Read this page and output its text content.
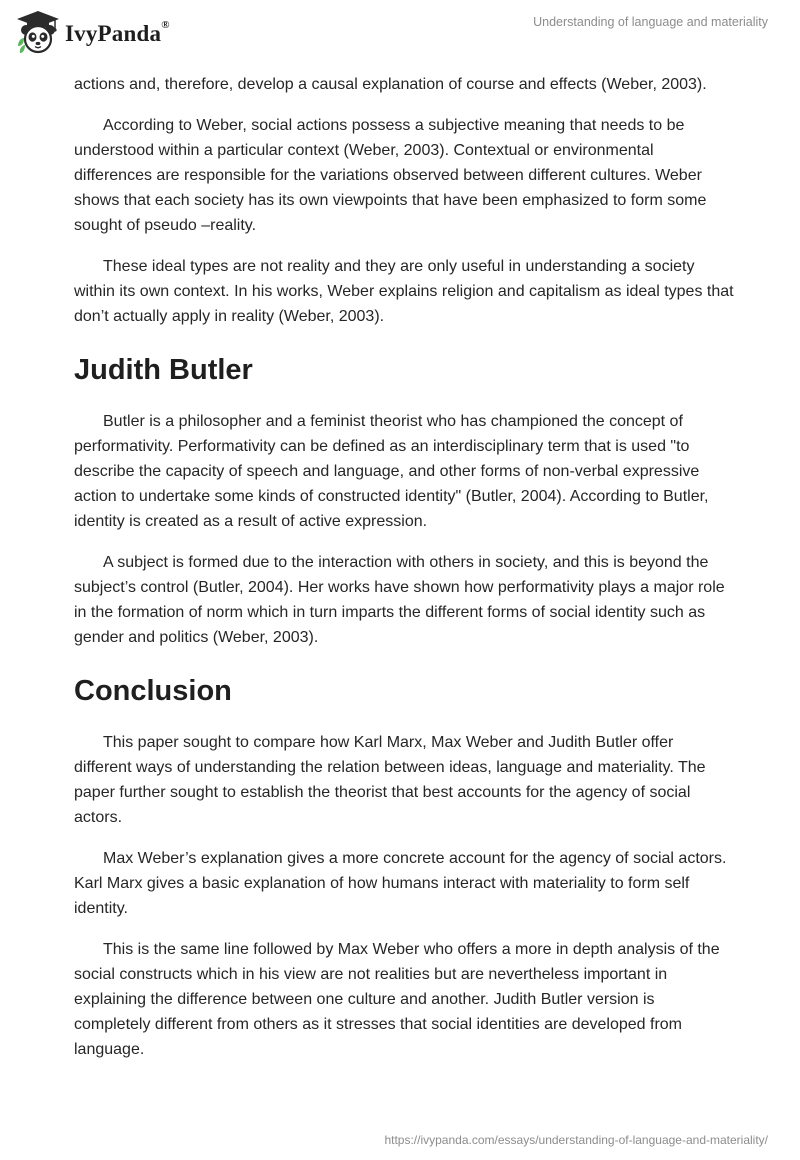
IvyPanda®	Understanding of language and materiality

actions and, therefore, develop a causal explanation of course and effects (Weber, 2003).

According to Weber, social actions possess a subjective meaning that needs to be understood within a particular context (Weber, 2003). Contextual or environmental differences are responsible for the variations observed between different cultures. Weber shows that each society has its own viewpoints that have been emphasized to form some sought of pseudo –reality.

These ideal types are not reality and they are only useful in understanding a society within its own context. In his works, Weber explains religion and capitalism as ideal types that don’t actually apply in reality (Weber, 2003).

Judith Butler

Butler is a philosopher and a feminist theorist who has championed the concept of performativity. Performativity can be defined as an interdisciplinary term that is used "to describe the capacity of speech and language, and other forms of non-verbal expressive action to undertake some kinds of constructed identity" (Butler, 2004). According to Butler, identity is created as a result of active expression.

A subject is formed due to the interaction with others in society, and this is beyond the subject’s control (Butler, 2004). Her works have shown how performativity plays a major role in the formation of norm which in turn imparts the different forms of social identity such as gender and politics (Weber, 2003).

Conclusion

This paper sought to compare how Karl Marx, Max Weber and Judith Butler offer different ways of understanding the relation between ideas, language and materiality. The paper further sought to establish the theorist that best accounts for the agency of social actors.

Max Weber’s explanation gives a more concrete account for the agency of social actors. Karl Marx gives a basic explanation of how humans interact with materiality to form self identity.

This is the same line followed by Max Weber who offers a more in depth analysis of the social constructs which in his view are not realities but are nevertheless important in explaining the difference between one culture and another. Judith Butler version is completely different from others as it stresses that social identities are developed from language.

https://ivypanda.com/essays/understanding-of-language-and-materiality/
